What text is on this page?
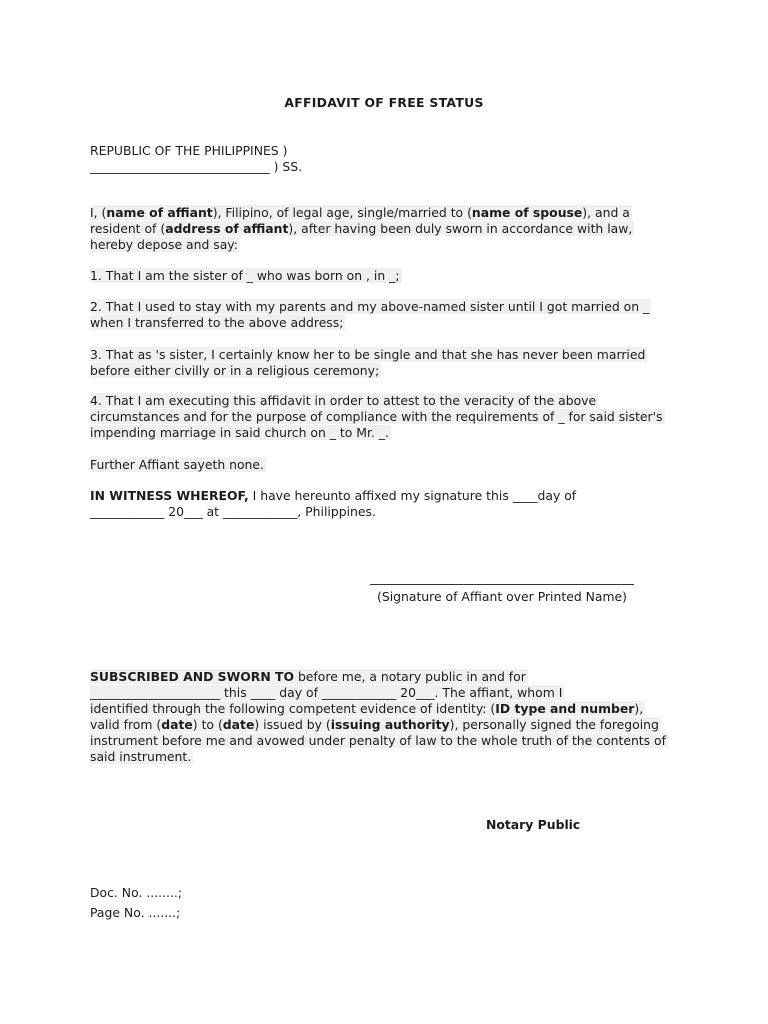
AFFIDAVIT OF FREE STATUS
REPUBLIC OF THE PHILIPPINES )
_____________________________ ) SS.
I, (name of affiant), Filipino, of legal age, single/married to (name of spouse), and a
resident of (address of affiant), after having been duly sworn in accordance with law,
hereby depose and say:
1. That I am the sister of _ who was born on , in _;
2. That I used to stay with my parents and my above-named sister until I got married on _
when I transferred to the above address;
3. That as 's sister, I certainly know her to be single and that she has never been married
before either civilly or in a religious ceremony;
4. That I am executing this affidavit in order to attest to the veracity of the above
circumstances and for the purpose of compliance with the requirements of _ for said sister's
impending marriage in said church on _ to Mr. _.
Further Affiant sayeth none.
IN WITNESS WHEREOF, I have hereunto affixed my signature this ____day of
____________ 20___ at ____________, Philippines.
(Signature of Affiant over Printed Name)
SUBSCRIBED AND SWORN TO before me, a notary public in and for
_____________________ this ____ day of ____________ 20___. The affiant, whom I
identified through the following competent evidence of identity: (ID type and number),
valid from (date) to (date) issued by (issuing authority), personally signed the foregoing
instrument before me and avowed under penalty of law to the whole truth of the contents of
said instrument.
Notary Public
Doc. No. ........;
Page No. .......;
